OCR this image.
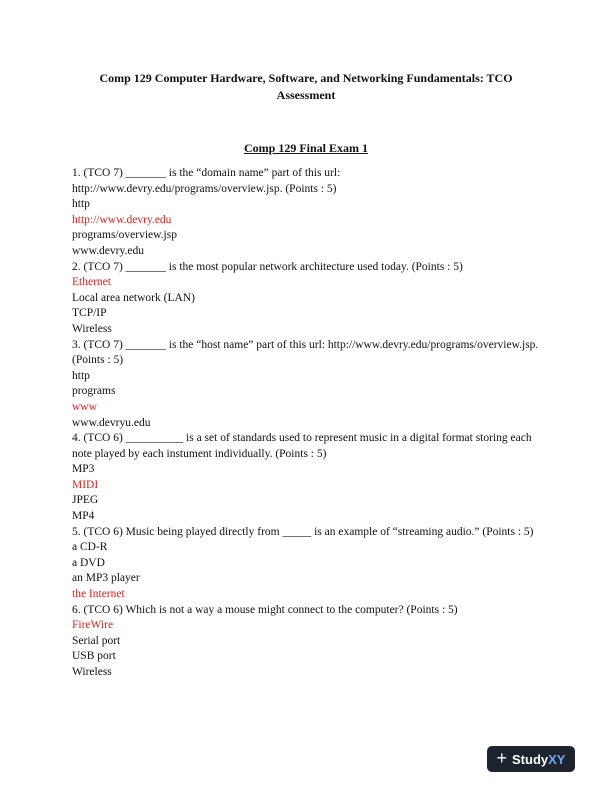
Comp 129 Computer Hardware, Software, and Networking Fundamentals: TCO Assessment
Comp 129 Final Exam 1
1. (TCO 7) _______ is the “domain name” part of this url: http://www.devry.edu/programs/overview.jsp. (Points : 5)
http
http://www.devry.edu
programs/overview.jsp
www.devry.edu
2. (TCO 7) _______ is the most popular network architecture used today. (Points : 5)
Ethernet
Local area network (LAN)
TCP/IP
Wireless
3. (TCO 7) _______ is the “host name” part of this url: http://www.devry.edu/programs/overview.jsp. (Points : 5)
http
programs
www
www.devryu.edu
4. (TCO 6) __________ is a set of standards used to represent music in a digital format storing each note played by each instument individually. (Points : 5)
MP3
MIDI
JPEG
MP4
5. (TCO 6) Music being played directly from _____ is an example of “streaming audio.” (Points : 5)
a CD-R
a DVD
an MP3 player
the Internet
6. (TCO 6) Which is not a way a mouse might connect to the computer? (Points : 5)
FireWire
Serial port
USB port
Wireless
+ StudyXY
